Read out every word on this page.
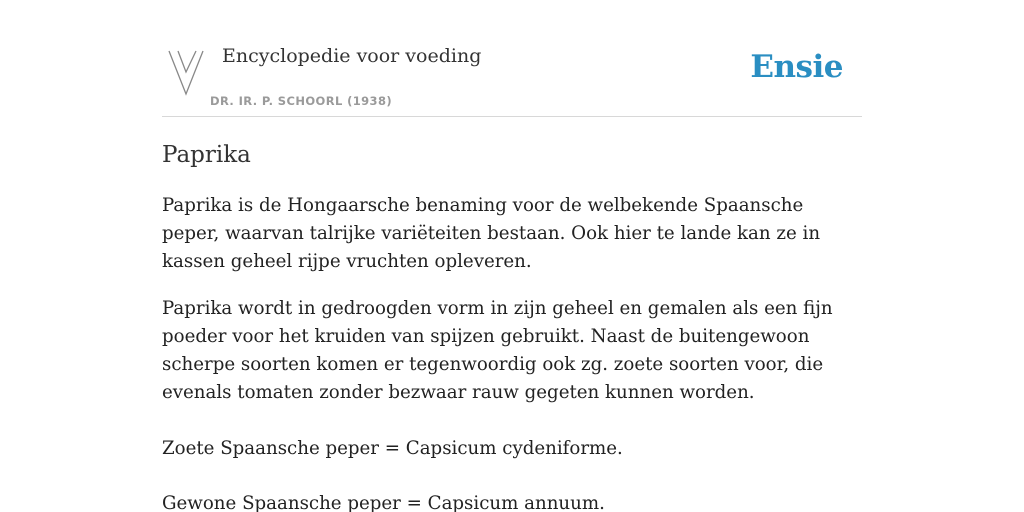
Encyclopedie voor voeding
DR. IR. P. SCHOORL (1938)
Ensie
Paprika

Paprika is de Hongaarsche benaming voor de welbekende Spaansche peper, waarvan talrijke variëteiten bestaan. Ook hier te lande kan ze in kassen geheel rijpe vruchten opleveren.

Paprika wordt in gedroogden vorm in zijn geheel en gemalen als een fijn poeder voor het kruiden van spijzen gebruikt. Naast de buitengewoon scherpe soorten komen er tegenwoordig ook zg. zoete soorten voor, die evenals tomaten zonder bezwaar rauw gegeten kunnen worden.

Zoete Spaansche peper = Capsicum cydeniforme.

Gewone Spaansche peper = Capsicum annuum.
